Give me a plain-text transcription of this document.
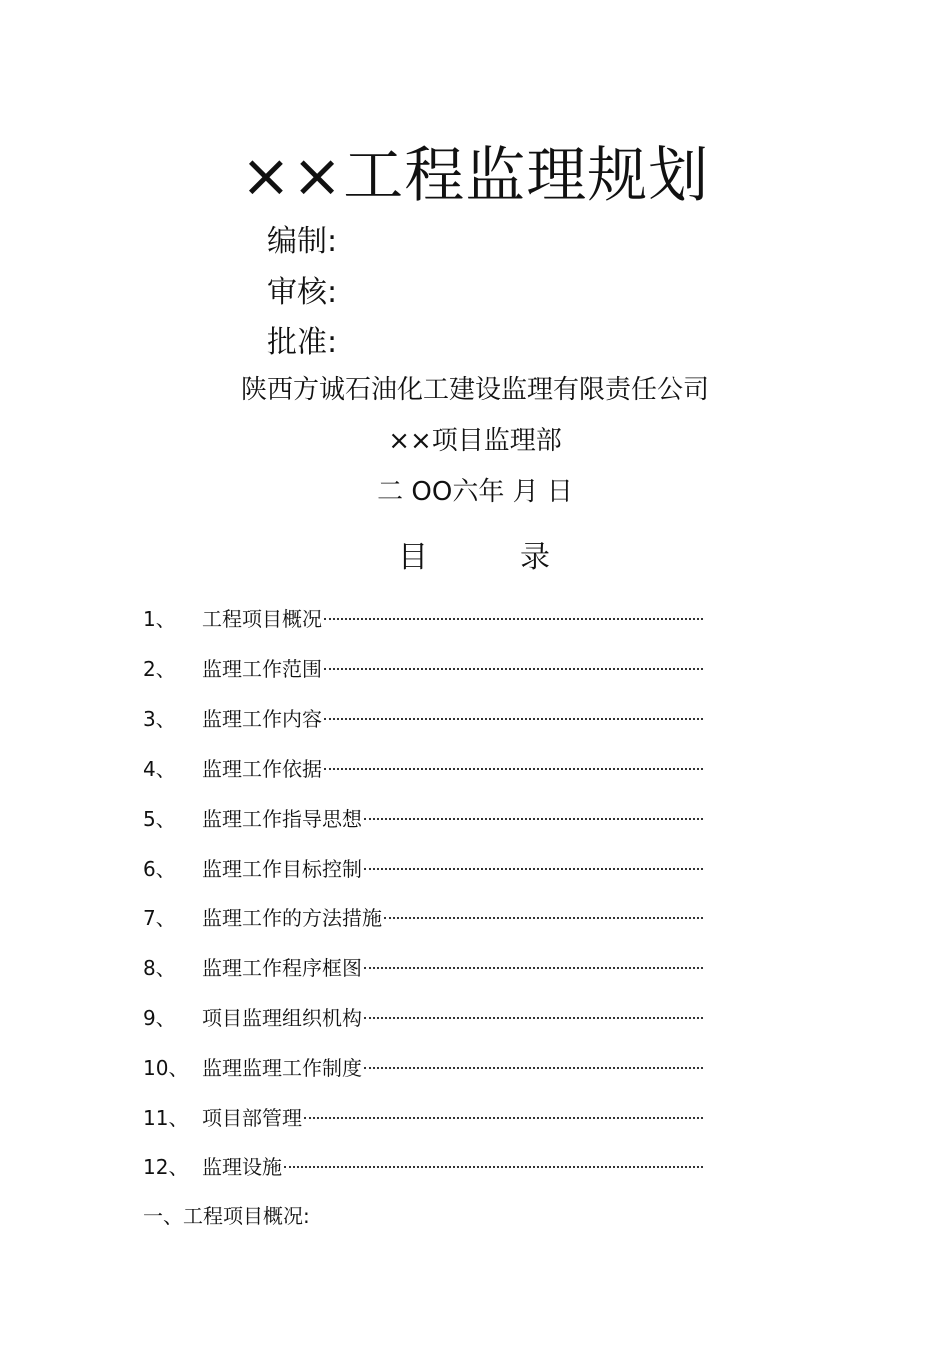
××工程监理规划
编制:
审核:
批准:
陕西方诚石油化工建设监理有限责任公司
××项目监理部
二 OO六年 月 日
目	录
1、 工程项目概况
2、 监理工作范围
3、 监理工作内容
4、 监理工作依据
5、 监理工作指导思想
6、 监理工作目标控制
7、 监理工作的方法措施
8、 监理工作程序框图
9、 项目监理组织机构
10、 监理监理工作制度
11、 项目部管理
12、 监理设施
一、工程项目概况:
